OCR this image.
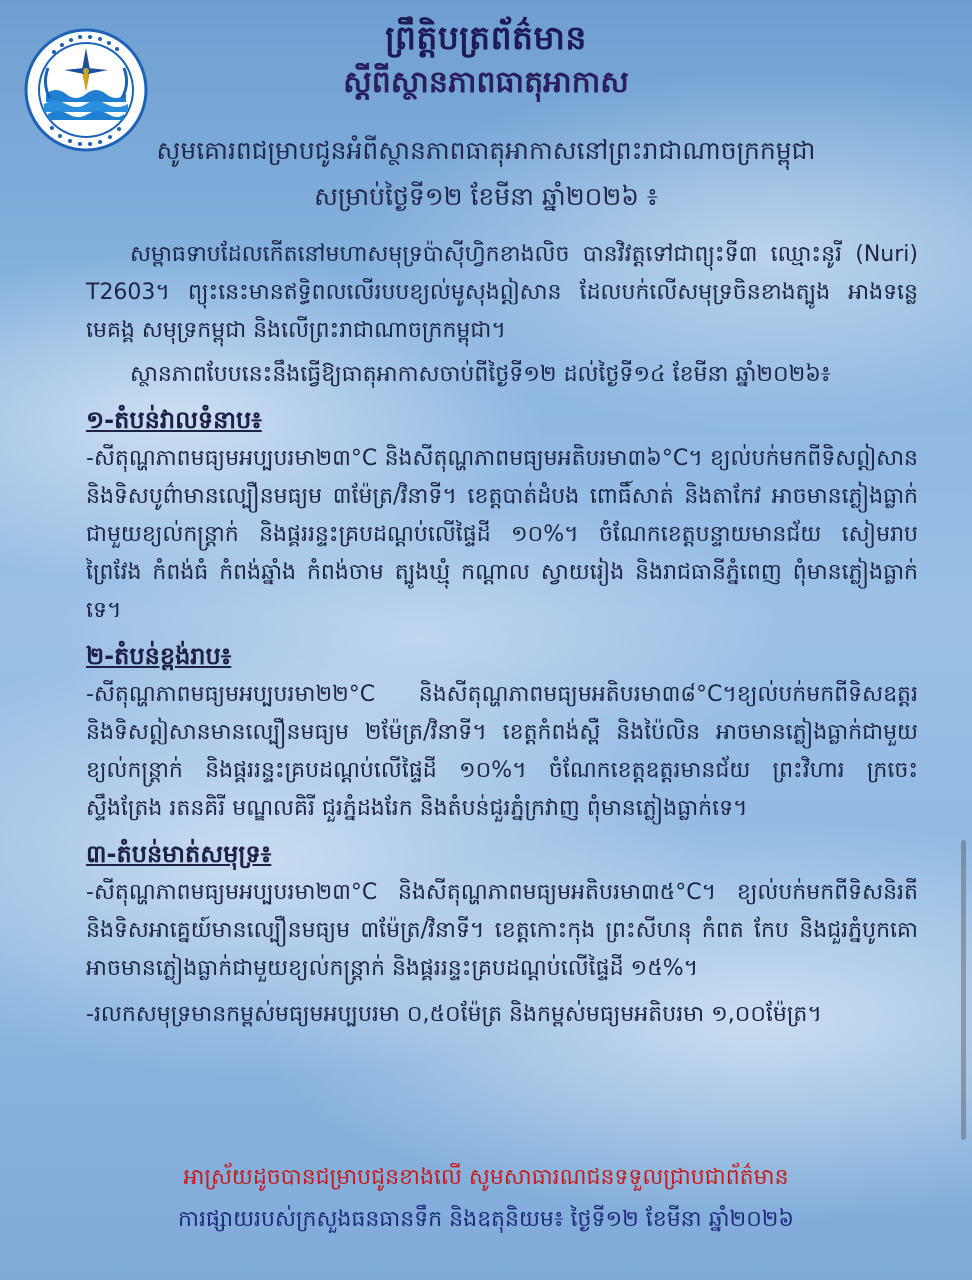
ព្រឹត្តិបត្រព័ត៌មាន
ស្តីពីស្ថានភាពធាតុអាកាស
សូមគោរពជម្រាបជូនអំពីស្ថានភាពធាតុអាកាសនៅព្រះរាជាណាចក្រកម្ពុជា
សម្រាប់ថ្ងៃទី១២ ខែមីនា ឆ្នាំ២០២៦ ៖

សម្ពាធទាបដែលកើតនៅមហាសមុទ្រប៉ាស៊ីហ្វិកខាងលិច បានវិវត្តទៅជាព្យុះទី៣ ឈ្មោះនូរី (Nuri) T2603។ ព្យុះនេះមានឥទ្ធិពលលើរបបខ្យល់មូសុងឦសាន ដែលបក់លើសមុទ្រចិនខាងត្បូង អាងទន្លេមេគង្គ សមុទ្រកម្ពុជា និងលើព្រះរាជាណាចក្រកម្ពុជា។

ស្ថានភាពបែបនេះនឹងធ្វើឱ្យធាតុអាកាសចាប់ពីថ្ងៃទី១២ ដល់ថ្ងៃទី១៤ ខែមីនា ឆ្នាំ២០២៦៖

១-តំបន់វាលទំនាប៖

-សីតុណ្ហភាពមធ្យមអប្បបរមា២៣°C និងសីតុណ្ហភាពមធ្យមអតិបរមា៣៦°C។ ខ្យល់បក់មកពីទិសឦសាន និងទិសបូព៌ាមានល្បឿនមធ្យម ៣ម៉ែត្រ/វិនាទី។ ខេត្តបាត់ដំបង ពោធិ៍សាត់ និងតាកែវ អាចមានភ្លៀងធ្លាក់ជាមួយខ្យល់កន្ត្រាក់ និងផ្គររន្ទះគ្របដណ្តប់លើផ្ទៃដី ១០%។ ចំណែកខេត្តបន្ទាយមានជ័យ សៀមរាប ព្រៃវែង កំពង់ធំ កំពង់ឆ្នាំង កំពង់ចាម ត្បូងឃ្មុំ កណ្តាល ស្វាយរៀង និងរាជធានីភ្នំពេញ ពុំមានភ្លៀងធ្លាក់ទេ។

២-តំបន់ខ្ពង់រាប៖

-សីតុណ្ហភាពមធ្យមអប្បបរមា២២°C និងសីតុណ្ហភាពមធ្យមអតិបរមា៣៨°C។ខ្យល់បក់មកពីទិសឧត្តរ និងទិសឦសានមានល្បឿនមធ្យម ២ម៉ែត្រ/វិនាទី។ ខេត្តកំពង់ស្ពឺ និងប៉ៃលិន អាចមានភ្លៀងធ្លាក់ជាមួយខ្យល់កន្ត្រាក់ និងផ្គររន្ទះគ្របដណ្តប់លើផ្ទៃដី ១០%។ ចំណែកខេត្តឧត្តរមានជ័យ ព្រះវិហារ ក្រចេះ ស្ទឹងត្រែង រតនគិរី មណ្ឌលគិរី ជួរភ្នំដងរែក និងតំបន់ជួរភ្នំក្រវាញ ពុំមានភ្លៀងធ្លាក់ទេ។

៣-តំបន់មាត់សមុទ្រ៖

-សីតុណ្ហភាពមធ្យមអប្បបរមា២៣°C និងសីតុណ្ហភាពមធ្យមអតិបរមា៣៥°C។ ខ្យល់បក់មកពីទិសនិរតី និងទិសអាគ្នេយ៍មានល្បឿនមធ្យម ៣ម៉ែត្រ/វិនាទី។ ខេត្តកោះកុង ព្រះសីហនុ កំពត កែប និងជួរភ្នំបូកគោ អាចមានភ្លៀងធ្លាក់ជាមួយខ្យល់កន្ត្រាក់ និងផ្គររន្ទះគ្របដណ្តប់លើផ្ទៃដី ១៥%។

-រលកសមុទ្រមានកម្ពស់មធ្យមអប្បបរមា ០,៥០ម៉ែត្រ និងកម្ពស់មធ្យមអតិបរមា ១,០០ម៉ែត្រ។

អាស្រ័យដូចបានជម្រាបជូនខាងលើ សូមសាធារណជនទទួលជ្រាបជាព័ត៌មាន
ការផ្សាយរបស់ក្រសួងធនធានទឹក និងឧតុនិយម៖ ថ្ងៃទី១២ ខែមីនា ឆ្នាំ២០២៦
